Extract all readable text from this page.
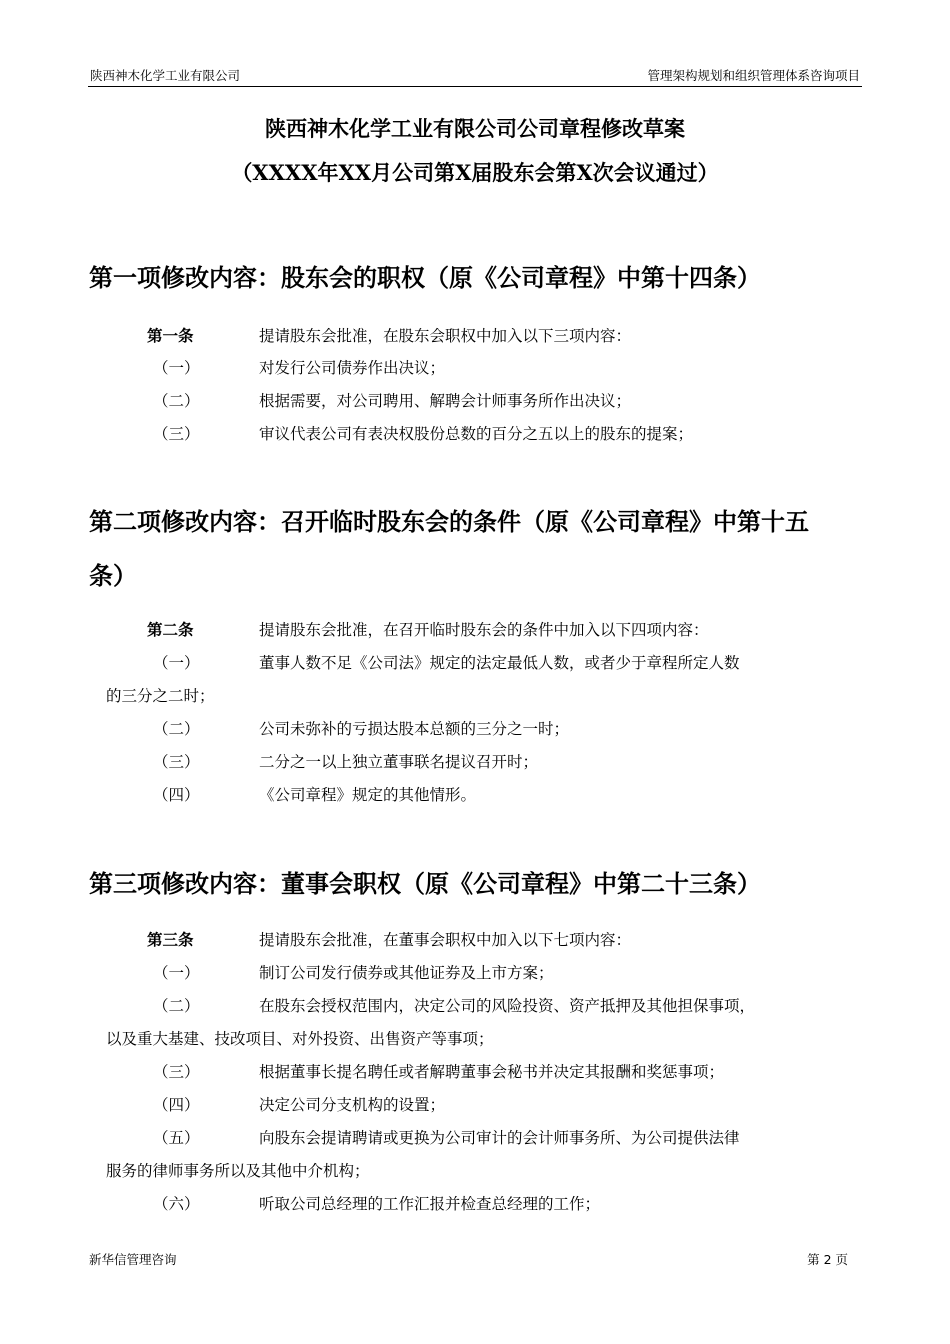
陕西神木化学工业有限公司	管理架构规划和组织管理体系咨询项目
陕西神木化学工业有限公司公司章程修改草案
（XXXX年XX月公司第X届股东会第X次会议通过）
第一项修改内容：股东会的职权（原《公司章程》中第十四条）
第一条	提请股东会批准，在股东会职权中加入以下三项内容：
（一）	对发行公司债券作出决议；
（二）	根据需要，对公司聘用、解聘会计师事务所作出决议；
（三）	审议代表公司有表决权股份总数的百分之五以上的股东的提案；
第二项修改内容：召开临时股东会的条件（原《公司章程》中第十五
条）
第二条	提请股东会批准，在召开临时股东会的条件中加入以下四项内容：
（一）	董事人数不足《公司法》规定的法定最低人数，或者少于章程所定人数
的三分之二时；
（二）	公司未弥补的亏损达股本总额的三分之一时；
（三）	二分之一以上独立董事联名提议召开时；
（四）	《公司章程》规定的其他情形。
第三项修改内容：董事会职权（原《公司章程》中第二十三条）
第三条	提请股东会批准，在董事会职权中加入以下七项内容：
（一）	制订公司发行债券或其他证券及上市方案；
（二）	在股东会授权范围内，决定公司的风险投资、资产抵押及其他担保事项，
以及重大基建、技改项目、对外投资、出售资产等事项；
（三）	根据董事长提名聘任或者解聘董事会秘书并决定其报酬和奖惩事项；
（四）	决定公司分支机构的设置；
（五）	向股东会提请聘请或更换为公司审计的会计师事务所、为公司提供法律
服务的律师事务所以及其他中介机构；
（六）	听取公司总经理的工作汇报并检查总经理的工作；
新华信管理咨询	第 2 页
